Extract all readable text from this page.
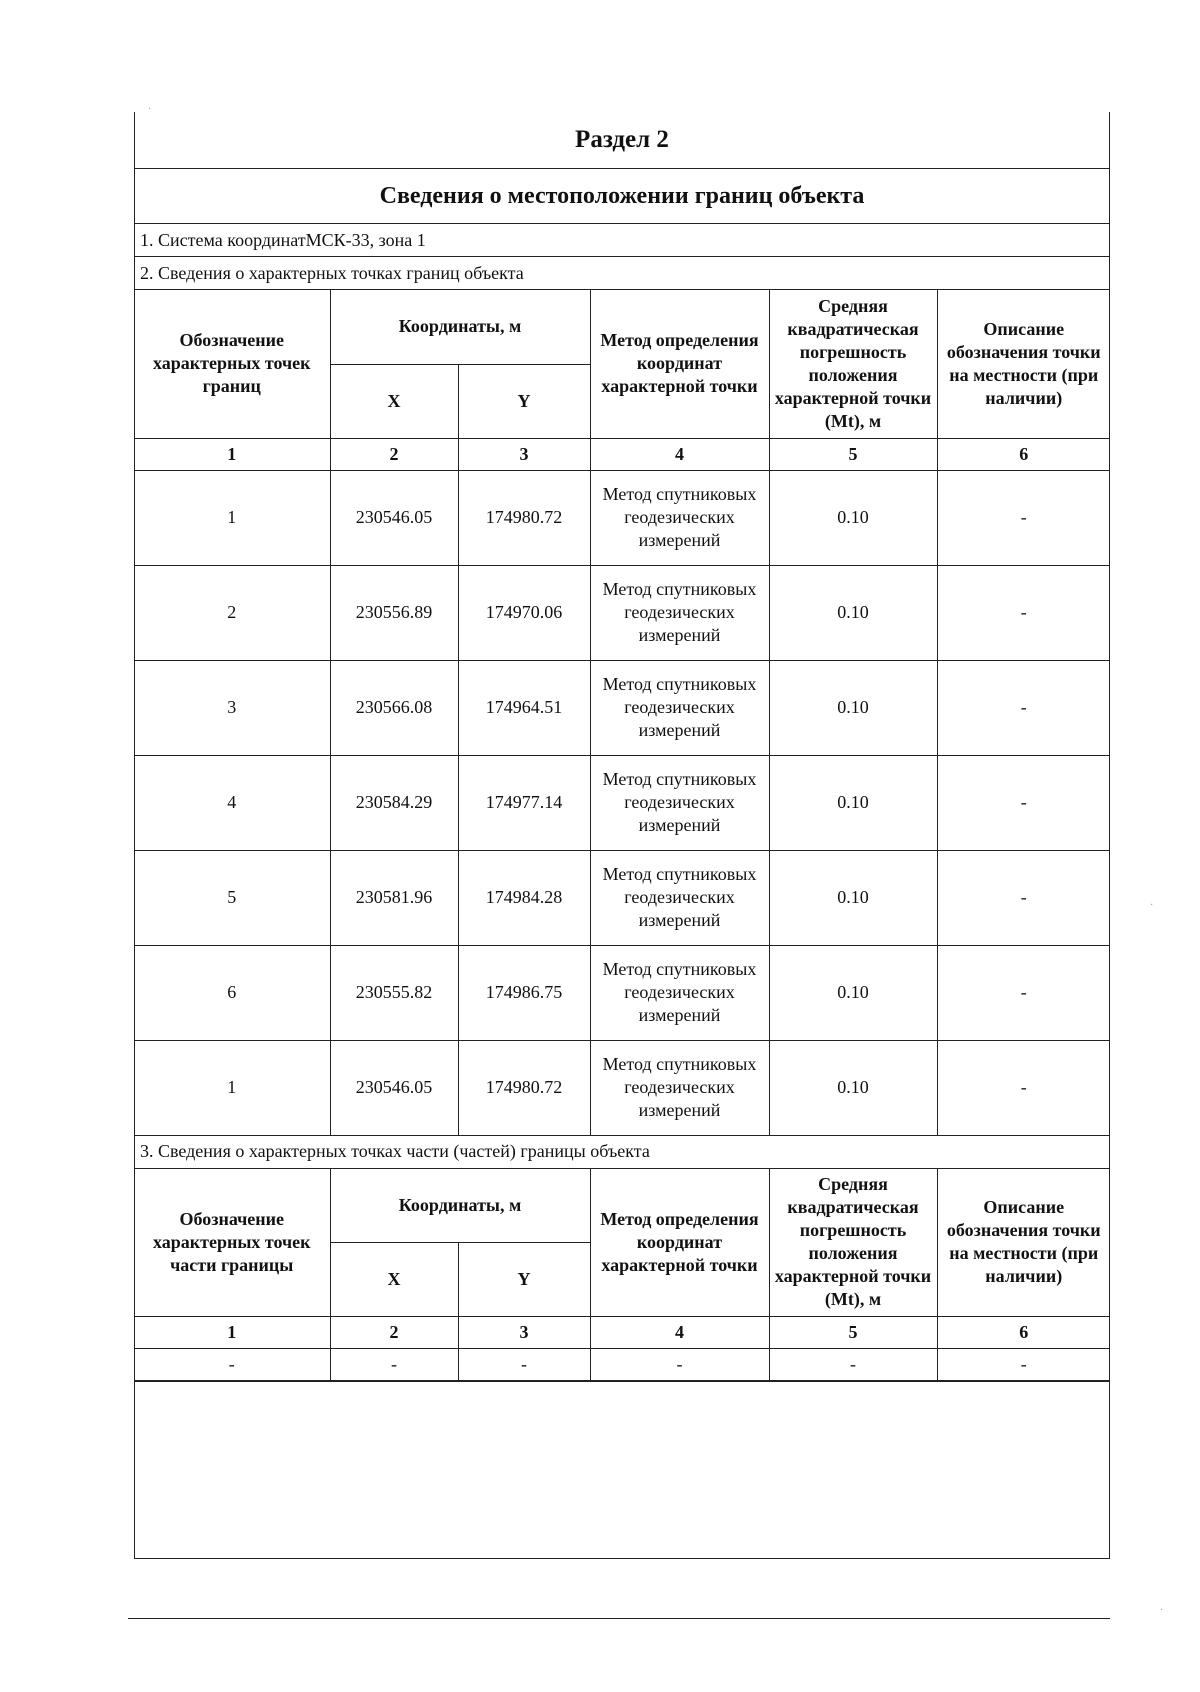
Раздел 2
Сведения о местоположении границ объекта
1. Система координат МСК-33, зона 1
2. Сведения о характерных точках границ объекта
Обозначение характерных точек границ	Координаты, м		Метод определения координат характерной точки	Средняя квадратическая погрешность положения характерной точки (Mt), м	Описание обозначения точки на местности (при наличии)
	X	Y			
1	2	3	4	5	6
1	230546.05	174980.72	Метод спутниковых геодезических измерений	0.10	-
2	230556.89	174970.06	Метод спутниковых геодезических измерений	0.10	-
3	230566.08	174964.51	Метод спутниковых геодезических измерений	0.10	-
4	230584.29	174977.14	Метод спутниковых геодезических измерений	0.10	-
5	230581.96	174984.28	Метод спутниковых геодезических измерений	0.10	-
6	230555.82	174986.75	Метод спутниковых геодезических измерений	0.10	-
1	230546.05	174980.72	Метод спутниковых геодезических измерений	0.10	-
3. Сведения о характерных точках части (частей) границы объекта
Обозначение характерных точек части границы	Координаты, м		Метод определения координат характерной точки	Средняя квадратическая погрешность положения характерной точки (Mt), м	Описание обозначения точки на местности (при наличии)
	X	Y			
1	2	3	4	5	6
-	-	-	-	-	-
·
·
·
